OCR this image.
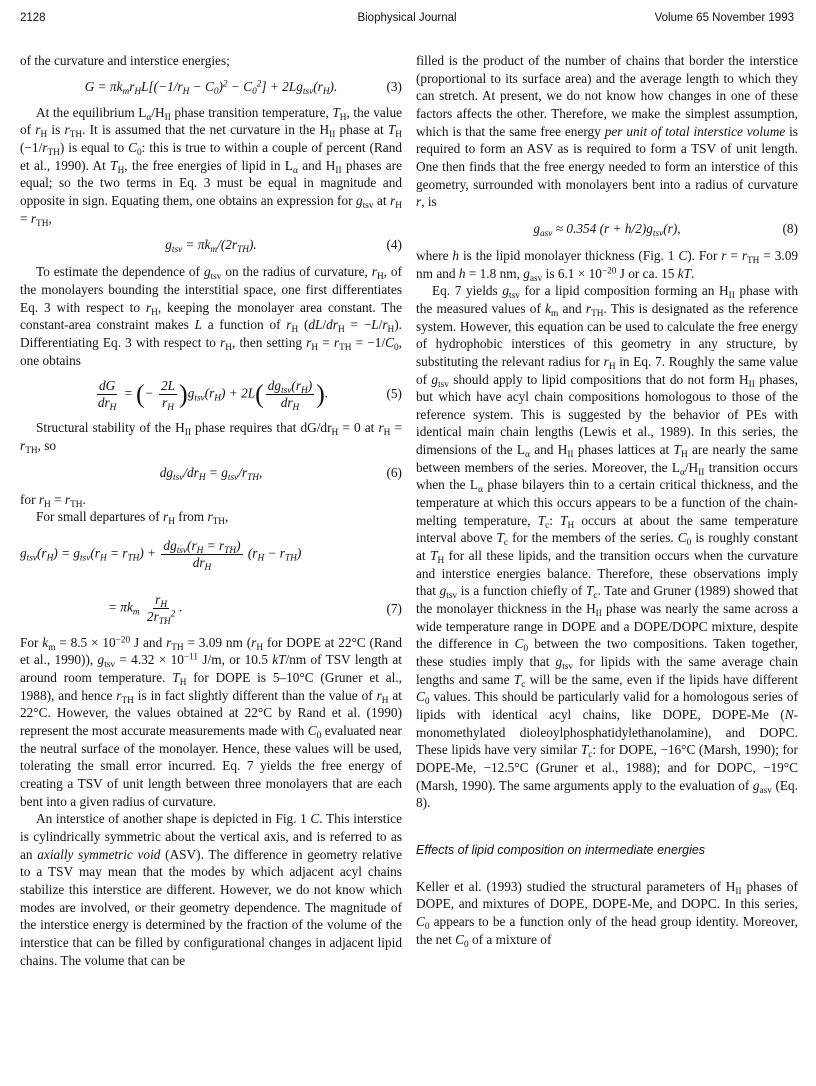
2128	Biophysical Journal	Volume 65 November 1993

of the curvature and interstice energies;

$G = \pi k_mr_HL[(-1/r_H - C_0)^2 - C_0^2] + 2Lg_{tsv}(r_H)$.	(3)

At the equilibrium $L_\alpha/H_{II}$ phase transition temperature, $T_H$, the value of $r_H$ is $r_{TH}$. It is assumed that the net curvature in the $H_{II}$ phase at $T_H$ $(-1/r_{TH})$ is equal to $C_0$: this is true to within a couple of percent (Rand et al., 1990). At $T_H$, the free energies of lipid in $L_\alpha$ and $H_{II}$ phases are equal; so the two terms in Eq. 3 must be equal in magnitude and opposite in sign. Equating them, one obtains an expression for $g_{tsv}$ at $r_H = r_{TH}$,

$g_{tsv} = \pi k_m/(2r_{TH})$.	(4)

To estimate the dependence of $g_{tsv}$ on the radius of curvature, $r_H$, of the monolayers bounding the interstitial space, one first differentiates Eq. 3 with respect to $r_H$, keeping the monolayer area constant. The constant-area constraint makes L a function of $r_H$ $(dL/dr_H = -L/r_H)$. Differentiating Eq. 3 with respect to $r_H$, then setting $r_H = r_{TH} = -1/C_0$, one obtains

$\frac{dG}{dr_H}$ = (− $\frac{2L}{r_H} )g_{tsv}(r_H) + 2L( \frac{dg_{tsv}(r_H)}{dr_H}$ ).	(5)

Structural stability of the $H_{II}$ phase requires that $dG/dr_H = 0$ at $r_H = r_{TH}$, so

$dg_{tsv}/dr_H = g_{tsv}/r_{TH}$,	(6)

for $r_H = r_{TH}$.

For small departures of $r_H$ from $r_{TH}$,

$g_{tsv}(r_H) = g_{tsv}(r_H = r_{TH}) + \frac{dg_{tsv}(r_H = r_{TH})}{dr_H} (r_H - r_{TH})$
= $\pi k_m \frac{r_H}{2r_{TH}^2}$ .	(7)

For $k_m = 8.5 \times 10^{-20}$ J and $r_{TH} = 3.09$ nm ($r_H$ for DOPE at 22°C (Rand et al., 1990)), $g_{tsv} = 4.32 \times 10^{-11}$ J/m, or 10.5 kT/nm of TSV length at around room temperature. $T_H$ for DOPE is 5–10°C (Gruner et al., 1988), and hence $r_{TH}$ is in fact slightly different than the value of $r_H$ at 22°C. However, the values obtained at 22°C by Rand et al. (1990) represent the most accurate measurements made with $C_0$ evaluated near the neutral surface of the monolayer. Hence, these values will be used, tolerating the small error incurred. Eq. 7 yields the free energy of creating a TSV of unit length between three monolayers that are each bent into a given radius of curvature.

An interstice of another shape is depicted in Fig. 1 C. This interstice is cylindrically symmetric about the vertical axis, and is referred to as an axially symmetric void (ASV). The difference in geometry relative to a TSV may mean that the modes by which adjacent acyl chains stabilize this interstice are different. However, we do not know which modes are involved, or their geometry dependence. The magnitude of the interstice energy is determined by the fraction of the volume of the interstice that can be filled by configurational changes in adjacent lipid chains. The volume that can be

filled is the product of the number of chains that border the interstice (proportional to its surface area) and the average length to which they can stretch. At present, we do not know how changes in one of these factors affects the other. Therefore, we make the simplest assumption, which is that the same free energy per unit of total interstice volume is required to form an ASV as is required to form a TSV of unit length. One then finds that the free energy needed to form an interstice of this geometry, surrounded with monolayers bent into a radius of curvature r, is

$g_{asv} \approx 0.354$ $(r + h/2)g_{tsv}(r)$,	(8)

where h is the lipid monolayer thickness (Fig. 1 C). For $r = r_{TH} = 3.09$ nm and h = 1.8 nm, $g_{asv}$ is $6.1 \times 10^{-20}$ J or ca. 15 kT.

Eq. 7 yields $g_{tsv}$ for a lipid composition forming an $H_{II}$ phase with the measured values of $k_m$ and $r_{TH}$. This is designated as the reference system. However, this equation can be used to calculate the free energy of hydrophobic interstices of this geometry in any structure, by substituting the relevant radius for $r_H$ in Eq. 7. Roughly the same value of $g_{tsv}$ should apply to lipid compositions that do not form $H_{II}$ phases, but which have acyl chain compositions homologous to those of the reference system. This is suggested by the behavior of PEs with identical main chain lengths (Lewis et al., 1989). In this series, the dimensions of the $L_\alpha$ and $H_{II}$ phases lattices at $T_H$ are nearly the same between members of the series. Moreover, the $L_\alpha/H_{II}$ transition occurs when the $L_\alpha$ phase bilayers thin to a certain critical thickness, and the temperature at which this occurs appears to be a function of the chain-melting temperature, $T_c$: $T_H$ occurs at about the same temperature interval above $T_c$ for the members of the series. $C_0$ is roughly constant at $T_H$ for all these lipids, and the transition occurs when the curvature and interstice energies balance. Therefore, these observations imply that $g_{tsv}$ is a function chiefly of $T_c$. Tate and Gruner (1989) showed that the monolayer thickness in the $H_{II}$ phase was nearly the same across a wide temperature range in DOPE and a DOPE/DOPC mixture, despite the difference in $C_0$ between the two compositions. Taken together, these studies imply that $g_{tsv}$ for lipids with the same average chain lengths and same $T_c$ will be the same, even if the lipids have different $C_0$ values. This should be particularly valid for a homologous series of lipids with identical acyl chains, like DOPE, DOPE-Me (N-monomethylated dioleoylphosphatidylethanolamine), and DOPC. These lipids have very similar $T_c$: for DOPE, −16°C (Marsh, 1990); for DOPE-Me, −12.5°C (Gruner et al., 1988); and for DOPC, −19°C (Marsh, 1990). The same arguments apply to the evaluation of $g_{asv}$ (Eq. 8).

Effects of lipid composition on intermediate energies

Keller et al. (1993) studied the structural parameters of $H_{II}$ phases of DOPE, and mixtures of DOPE, DOPE-Me, and DOPC. In this series, $C_0$ appears to be a function only of the head group identity. Moreover, the net $C_0$ of a mixture of
